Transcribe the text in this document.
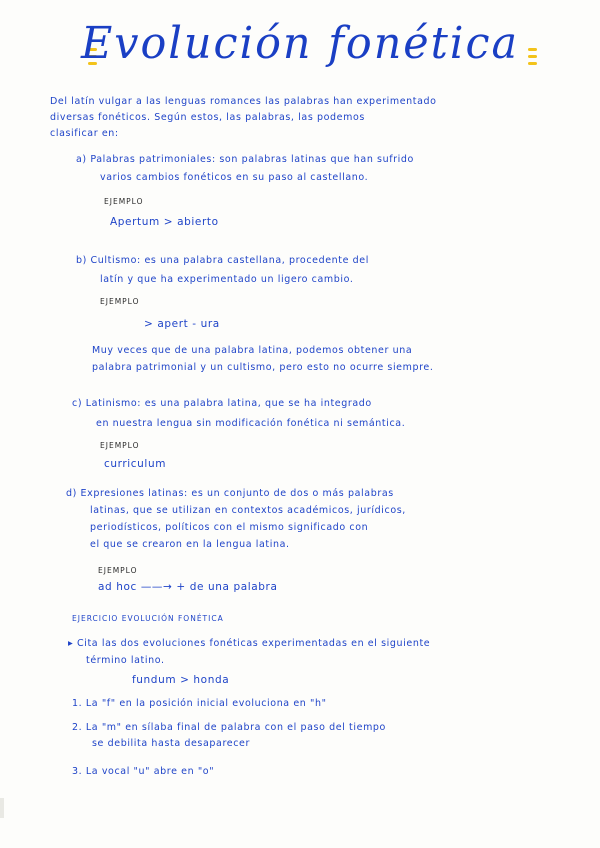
Evolución fonética
Del latín vulgar a las lenguas romances las palabras han experimentado
diversas fonéticos. Según estos, las palabras, las podemos
clasificar en:
a) Palabras patrimoniales: son palabras latinas que han sufrido
varios cambios fonéticos en su paso al castellano.
EJEMPLO
Apertum > abierto
b) Cultismo: es una palabra castellana, procedente del
latín y que ha experimentado un ligero cambio.
EJEMPLO
> apert - ura
Muy veces que de una palabra latina, podemos obtener una
palabra patrimonial y un cultismo, pero esto no ocurre siempre.
c) Latinismo: es una palabra latina, que se ha integrado
en nuestra lengua sin modificación fonética ni semántica.
EJEMPLO
curriculum
d) Expresiones latinas: es un conjunto de dos o más palabras
latinas, que se utilizan en contextos académicos, jurídicos,
periodísticos, políticos con el mismo significado con
el que se crearon en la lengua latina.
EJEMPLO
ad hoc ——→ + de una palabra
EJERCICIO EVOLUCIÓN FONÉTICA
▸ Cita las dos evoluciones fonéticas experimentadas en el siguiente
término latino.
fundum > honda
1. La "f" en la posición inicial evoluciona en "h"
2. La "m" en sílaba final de palabra con el paso del tiempo
se debilita hasta desaparecer
3. La vocal "u" abre en "o"
